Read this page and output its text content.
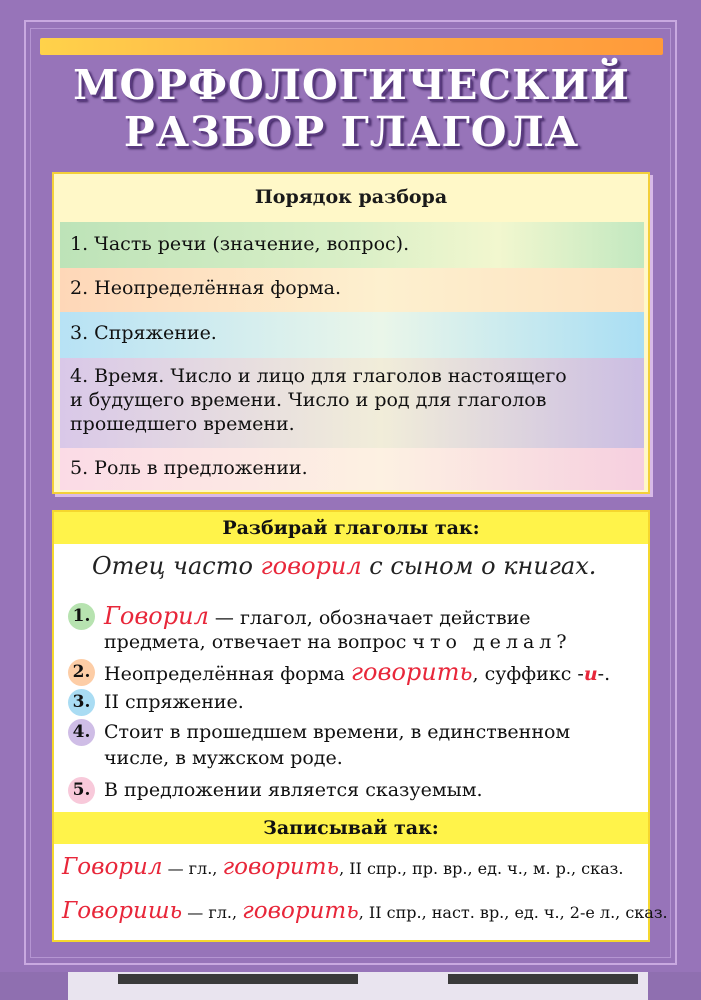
МОРФОЛОГИЧЕСКИЙ
РАЗБОР ГЛАГОЛА
Порядок разбора
1. Часть речи (значение, вопрос).
2. Неопределённая форма.
3. Спряжение.
4. Время. Число и лицо для глаголов настоящего
и будущего времени. Число и род для глаголов
прошедшего времени.
5. Роль в предложении.
Разбирай глаголы так:
Отец часто говорил с сыном о книгах.
1. Говорил — глагол, обозначает действие
предмета, отвечает на вопрос что делал?
2. Неопределённая форма говорить, суффикс -и-.
3. II спряжение.
4. Стоит в прошедшем времени, в единственном
числе, в мужском роде.
5. В предложении является сказуемым.
Записывай так:
Говорил — гл., говорить, II спр., пр. вр., ед. ч., м. р., сказ.
Говоришь — гл., говорить, II спр., наст. вр., ед. ч., 2-е л., сказ.
